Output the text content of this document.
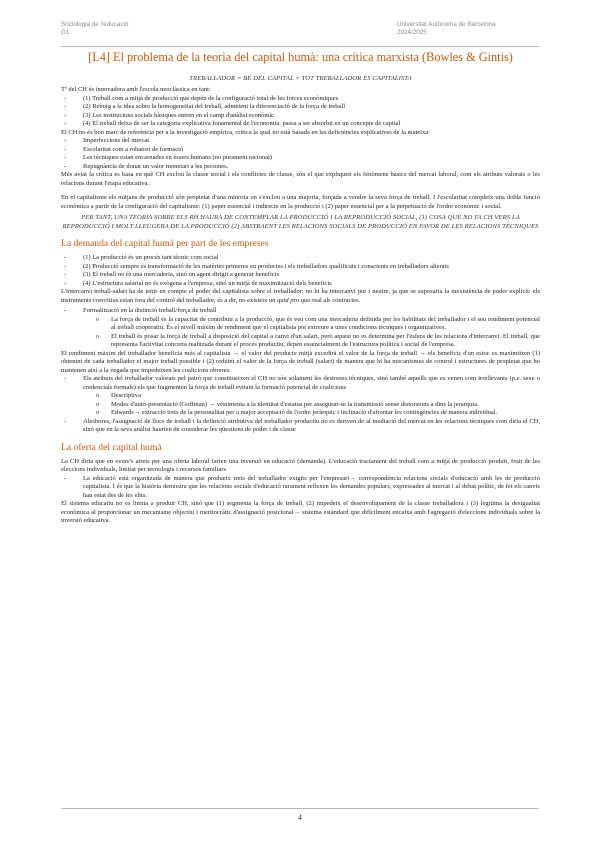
Sociologia de l'educació
G1
Universitat Autònoma de Barcelona
2024/2025
[L4] El problema de la teoria del capital humà: una crítica marxista (Bowles & Gintis)

TREBALLADOR = BÉ DEL CAPITAL = TOT TREBALLADOR ÉS CAPITALISTA

Tª del CH és innovadora amb l'escola neoclàssica en tant:

- (1) Treball com a mitjà de producció que depèn de la configuració total de les forces econòmiques
- (2) Rebuig a la idea sobre la homogeneïtat del treball, admetent la diferenciació de la força de treball
- (3) Les institucions socials bàsiques entren en el camp d'anàlisi econòmic
- (4) El treball deixa de ser la categoria explicativa fonamental de l'economia, passa a ser absorbit en un concepte de capital

El CH no és bon marc de referència per a la investigació empírica, critica la qual no està basada en les deficiències explicatives de la mateixa:

- Imperfeccions del mercat
- Escolaritat com a robatori de formació
- Les tècniques estan encarnades en éssers humans (no purament racional)
- Repugnància de donar un valor monetari a les persones.

Més aviat la crítica es basa en què CH exclou la classe social i els conflictes de classe, són el que expliquen els fenòmens bàsics del mercat laboral, com els atributs valorats o les relacions durant l'etapa educativa.

En el capitalisme els mitjans de producció són propietat d'una minoria on s'exclou a una majoria, forçada a vendre la seva força de treball. I l'escolaritat compleix una doble funció econòmica a partir de la configuració del capitalisme: (1) paper essencial i indirecte en la producció i (2) paper essencial per a la perpetuació de l'ordre econòmic i social.

PER TANT, UNA TEORIA SOBRE ELS RH HAURÀ DE CONTEMPLAR LA PRODUCCIÓ I LA REPRODUCCIÓ SOCIAL, (1) COSA QUE NO FA CH VERS LA REPRODUCCIÓ I MOLT LLEUGERA DE LA PRODUCCIÓ (2) ABSTRAENT LES RELACIONS SOCIALS DE PRODUCCIÓ EN FAVOR DE LES RELACIONS TÈCNIQUES

La demanda del capital humà per part de les empreses
- (1) La producció és un procés tant tècnic com social
- (2) Producció sempre és transformació de les matèries primeres en productes i els treballadors qualificats i conscients en treballadors alterats
- (3) El treball no és una mercaderia, sinó un agent dirigit a generar beneficis
- (4) L'estructura salarial no és exògena a l'empresa, sinó un mitjà de maximització dels beneficis

L'intercanvi treball-salari ha de tenir en compte el poder del capitalista sobre el treballador: no hi ha intercanvi pur i neutre, ja que se suposaria la inexistència de poder explícit: els instruments coercitius estan fora del control del treballador, és a dir, no existeix un quid pro quo real als contractes.

- Formalització en la distinció treball/força de treball
o La força de treball és la capacitat de contribuir a la producció, que és veu com una mercaderia definida per les habilitats del treballador i el seu rendiment potencial al treball cooperatiu. És el nivell màxim de rendiment que el capitalista pot extreure a unes condicions tècniques i organitzatives.
o El treball és posar la força de treball a disposició del capital a canvi d'un salari, però aquest no es determina per l'esfera de les relacions d'intercanvi. El treball, que representa l'activitat concreta realitzada durant el procés productiu, depèn essencialment de l'estructura política i social de l'empresa.

El rendiment màxim del treballador beneficia més al capitalista → el valor del producte mitjà excedirà el valor de la força de treball → els beneficis d'un estoc es maximitzen (1) obtenint de cada treballador el major treball possible i (2) reduint el valor de la força de treball (salari) de manera que hi ha mecanismes de control i estructures de propietat que ho mantenen així a la vegada que impedeixen les coalicions obreres.

- Els atributs del treballador valorats pel patró que constitueixen el CH no són solament les destreses tècniques, sinó també aquells que es venen com irrellevants (p.e. sexe o credencials formals) els que fragmenten la força de treball evitant la formació potencial de coalicions
o Descriptiva
o Modes d'auto-presentació (Goffman) → vestimenta a la identitat d'estatus per assegurar-se la transmissió sense distorsions a dins la jerarquia.
o Edwards→ extracció trets de la personalitat per a major acceptació de l'ordre jeràrquic i inclinació d'afrontar les contingències de manera individual.
- Aleshores, l'assignació de llocs de treball i la definició atributiva del treballador productiu no es deriven de al mediació del mercat en les relacions tècniques com diria el CH, sinó que en la seva anàlisi haurien de considerar les qüestions de poder i de classe
La oferta del capital humà

La CH diria que en veure's atrets per una oferta laboral farien una inversió en educació (demanda). L'educació tractament del treball com a mitjà de producció produït, fruit de les eleccions individuals, limitat per tecnologia i recursos familiars

- La educació està organitzada de manera que produeix trets del treballador exigits per l'empresari→ correspondència relacions socials d'educació amb les de producció capitalista. I és que la història demostra que les relacions socials d'educació rarament reflexen les demandes populars, expressades al mercat i al debat polític, de fet els canvis han estat des de les elits.

El sistema educatiu no es limita a produir CH, sinó que (1) segmenta la força de treball, (2) impedeix el desenvolupament de la classe treballadora i (3) legitima la desigualtat econòmica al proporcionar un mecanisme objectiu i meritocràtic d'assignació posicional→ sistema estàndard que difícilment encaixa amb l'agregació d'eleccions individuals sobre la inversió educativa.

4
